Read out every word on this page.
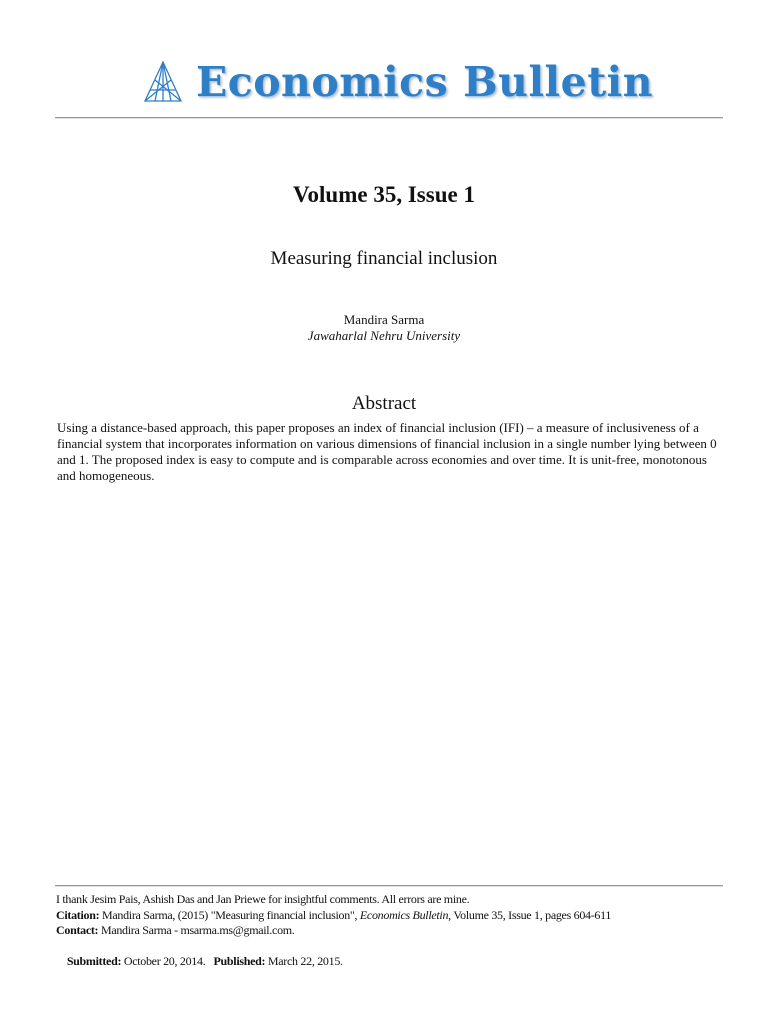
Economics Bulletin
Volume 35, Issue 1
Measuring financial inclusion
Mandira Sarma
Jawaharlal Nehru University
Abstract
Using a distance-based approach, this paper proposes an index of financial inclusion (IFI) – a measure of inclusiveness of a financial system that incorporates information on various dimensions of financial inclusion in a single number lying between 0 and 1. The proposed index is easy to compute and is comparable across economies and over time. It is unit-free, monotonous and homogeneous.
I thank Jesim Pais, Ashish Das and Jan Priewe for insightful comments. All errors are mine.
Citation: Mandira Sarma, (2015) "Measuring financial inclusion", Economics Bulletin, Volume 35, Issue 1, pages 604-611
Contact: Mandira Sarma - msarma.ms@gmail.com.

Submitted: October 20, 2014.   Published: March 22, 2015.
